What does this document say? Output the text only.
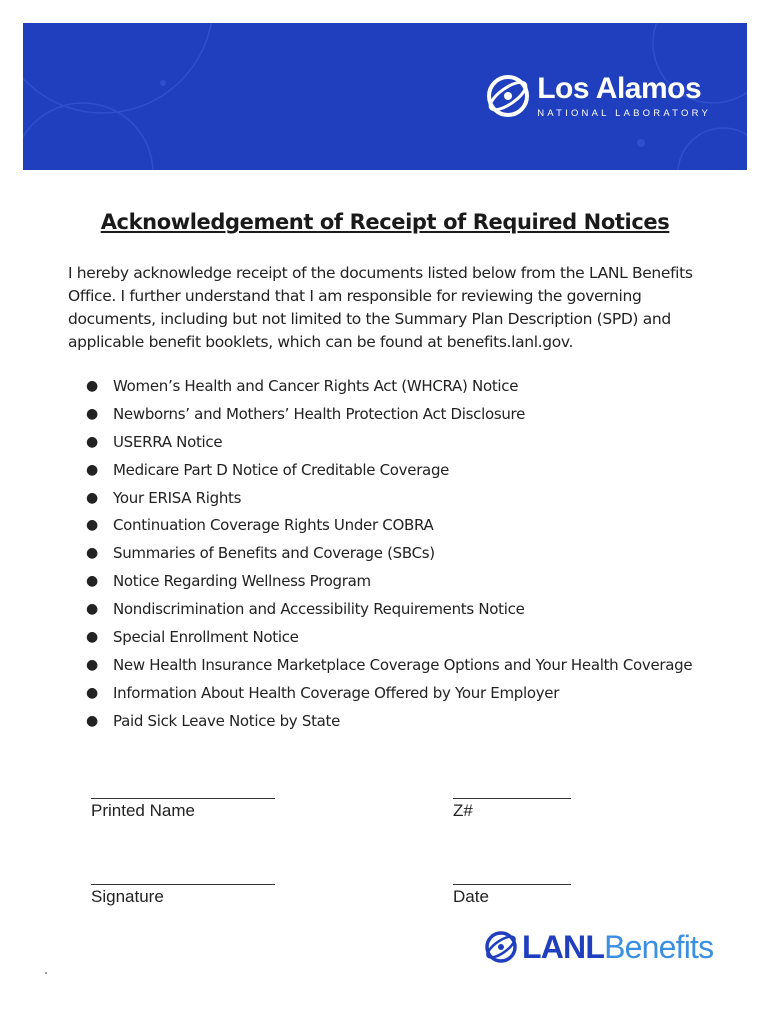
Los Alamos
NATIONAL LABORATORY
Acknowledgement of Receipt of Required Notices
I hereby acknowledge receipt of the documents listed below from the LANL Benefits Office. I further understand that I am responsible for reviewing the governing documents, including but not limited to the Summary Plan Description (SPD) and applicable benefit booklets, which can be found at benefits.lanl.gov.
●	Women’s Health and Cancer Rights Act (WHCRA) Notice
●	Newborns’ and Mothers’ Health Protection Act Disclosure
●	USERRA Notice
●	Medicare Part D Notice of Creditable Coverage
●	Your ERISA Rights
●	Continuation Coverage Rights Under COBRA
●	Summaries of Benefits and Coverage (SBCs)
●	Notice Regarding Wellness Program
●	Nondiscrimination and Accessibility Requirements Notice
●	Special Enrollment Notice
●	New Health Insurance Marketplace Coverage Options and Your Health Coverage
●	Information About Health Coverage Offered by Your Employer
●	Paid Sick Leave Notice by State
Printed Name	Z#
Signature	Date
LANL Benefits
